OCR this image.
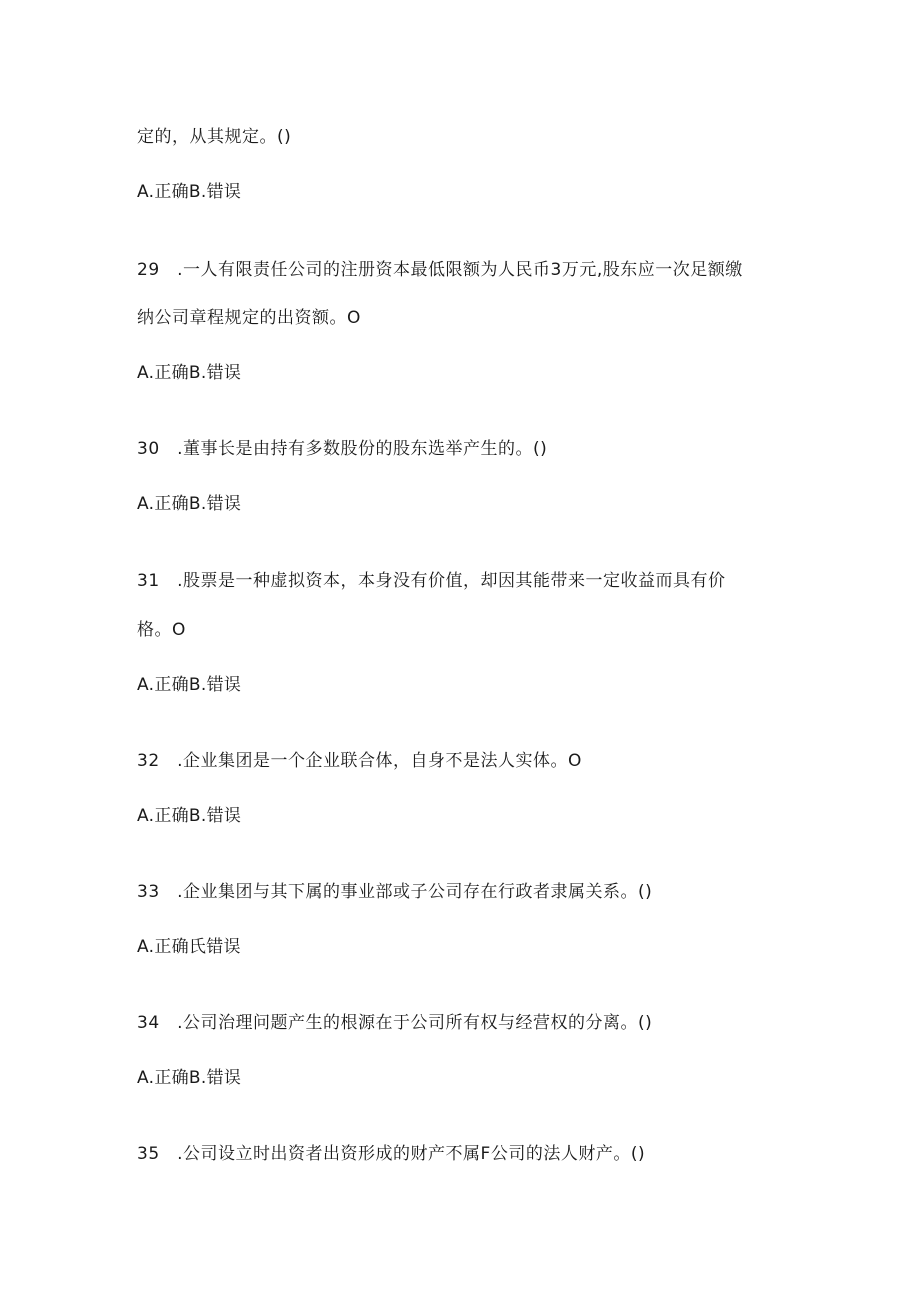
定的，从其规定。()
A.正确B.错误
29　.一人有限责任公司的注册资本最低限额为人民币3万元,股东应一次足额缴
纳公司章程规定的出资额。O
A.正确B.错误
30　.董事长是由持有多数股份的股东选举产生的。()
A.正确B.错误
31　.股票是一种虚拟资本，本身没有价值，却因其能带来一定收益而具有价
格。O
A.正确B.错误
32　.企业集团是一个企业联合体，自身不是法人实体。O
A.正确B.错误
33　.企业集团与其下属的事业部或子公司存在行政者隶属关系。()
A.正确氏错误
34　.公司治理问题产生的根源在于公司所有权与经营权的分离。()
A.正确B.错误
35　.公司设立时出资者出资形成的财产不属F公司的法人财产。()
